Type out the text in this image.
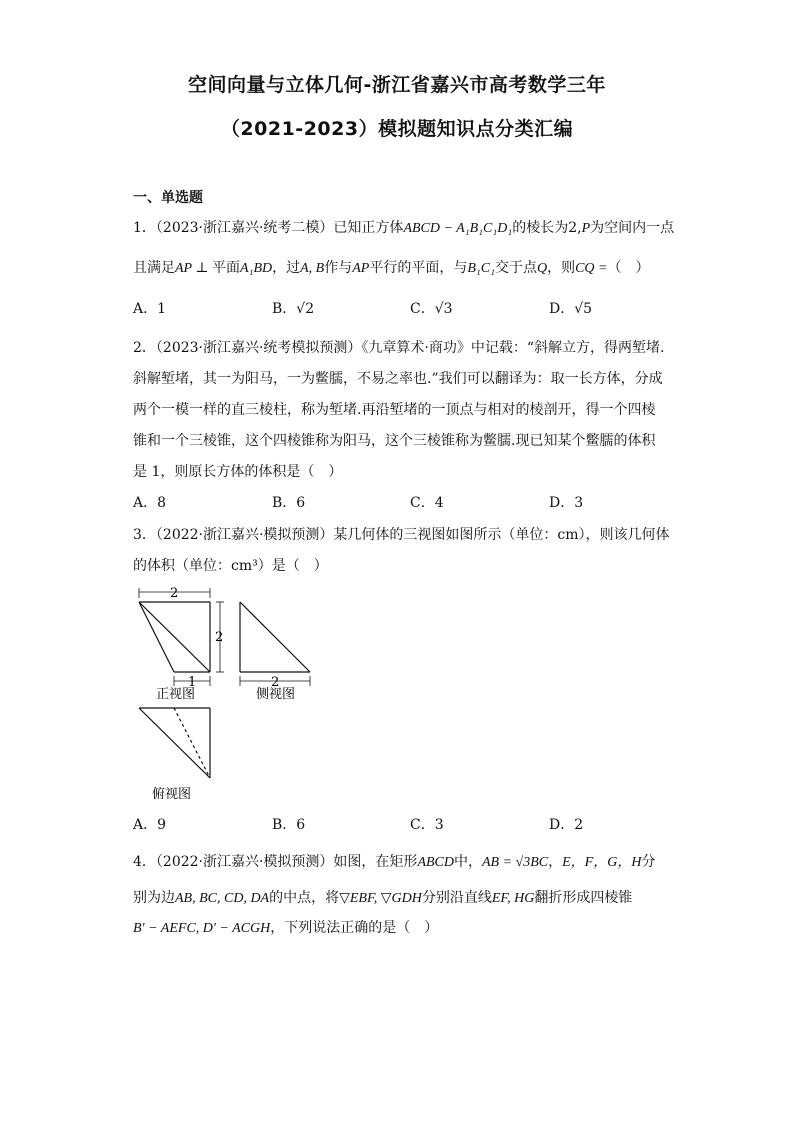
空间向量与立体几何-浙江省嘉兴市高考数学三年
（2021-2023）模拟题知识点分类汇编
一、单选题
1．（2023·浙江嘉兴·统考二模）已知正方体ABCD − A₁B₁C₁D₁的棱长为2,P为空间内一点
且满足AP ⊥ 平面A₁BD，过A, B作与AP平行的平面，与B₁C₁交于点Q，则CQ =（　）
A．1	B．√2	C．√3	D．√5
2．（2023·浙江嘉兴·统考模拟预测）《九章算术·商功》中记载：“斜解立方，得两堑堵.
斜解堑堵，其一为阳马，一为鳖臑，不易之率也.”我们可以翻译为：取一长方体，分成
两个一模一样的直三棱柱，称为堑堵.再沿堑堵的一顶点与相对的棱剖开，得一个四棱
锥和一个三棱锥，这个四棱锥称为阳马，这个三棱锥称为鳖臑.现已知某个鳖臑的体积
是 1，则原长方体的体积是（　）
A．8	B．6	C．4	D．3
3．（2022·浙江嘉兴·模拟预测）某几何体的三视图如图所示（单位：cm），则该几何体
的体积（单位：cm³）是（　）
2
2
1
正视图
2
侧视图
俯视图
A．9	B．6	C．3	D．2
4．（2022·浙江嘉兴·模拟预测）如图，在矩形ABCD中，AB = √3BC，E，F，G，H分
别为边AB, BC, CD, DA的中点，将▽EBF, ▽GDH分别沿直线EF, HG翻折形成四棱锥
B′ − AEFC, D′ − ACGH，下列说法正确的是（　）
